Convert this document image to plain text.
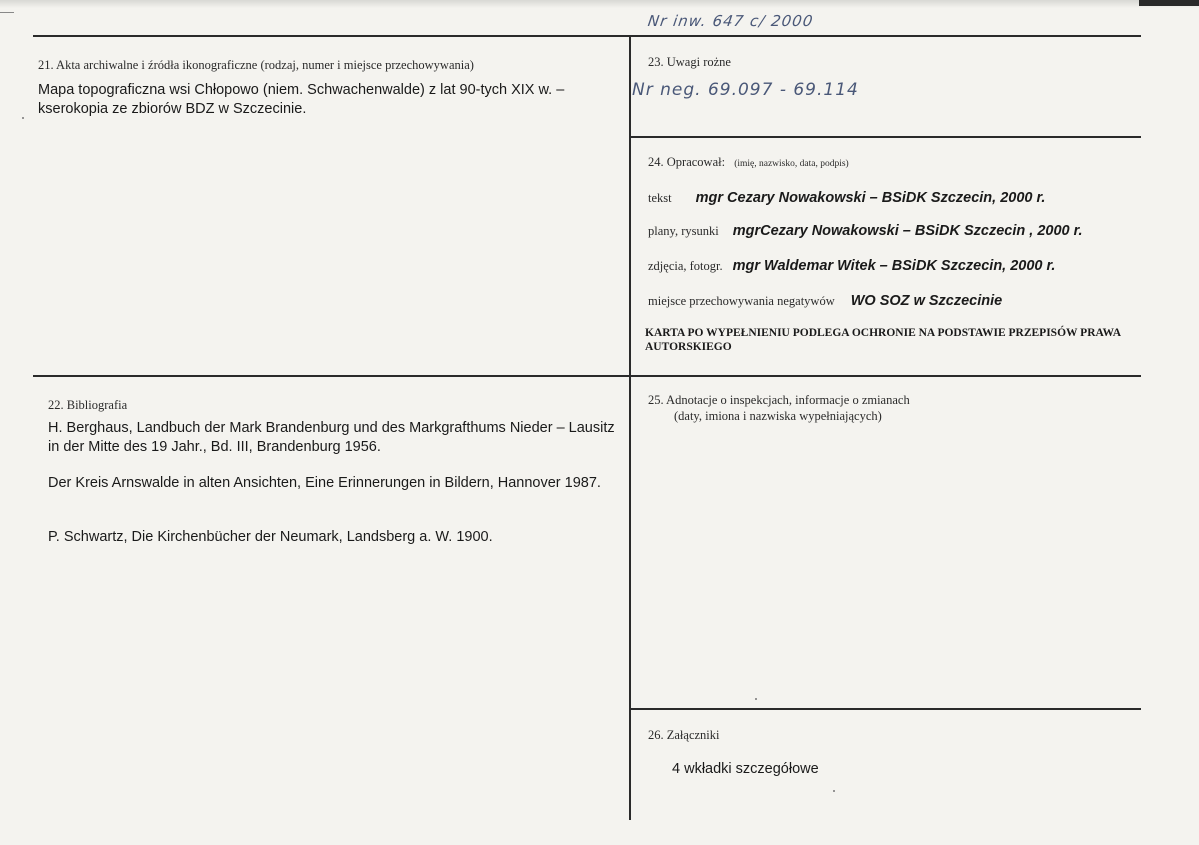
Nr inw. 647 c/ 2000
21. Akta archiwalne i źródła ikonograficzne (rodzaj, numer i miejsce przechowywania)
Mapa topograficzna wsi Chłopowo (niem. Schwachenwalde) z lat 90-tych XIX w. – kserokopia ze zbiorów BDZ w Szczecinie.
23. Uwagi rożne
Nr neg. 69.097 - 69.114
24. Opracował: (imię, nazwisko, data, podpis)
tekst mgr Cezary Nowakowski – BSiDK Szczecin, 2000 r.
plany, rysunki mgrCezary Nowakowski – BSiDK Szczecin , 2000 r.
zdjęcia, fotogr. mgr Waldemar Witek – BSiDK Szczecin, 2000 r.
miejsce przechowywania negatywów WO SOZ w Szczecinie
KARTA PO WYPEŁNIENIU PODLEGA OCHRONIE NA PODSTAWIE PRZEPISÓW PRAWA AUTORSKIEGO
22. Bibliografia
H. Berghaus, Landbuch der Mark Brandenburg und des Markgrafthums Nieder – Lausitz in der Mitte des 19 Jahr., Bd. III, Brandenburg 1956.
Der Kreis Arnswalde in alten Ansichten, Eine Erinnerungen in Bildern, Hannover 1987.
P. Schwartz, Die Kirchenbücher der Neumark, Landsberg a. W. 1900.
25. Adnotacje o inspekcjach, informacje o zmianach
(daty, imiona i nazwiska wypełniających)
26. Załączniki
4 wkładki szczegółowe
